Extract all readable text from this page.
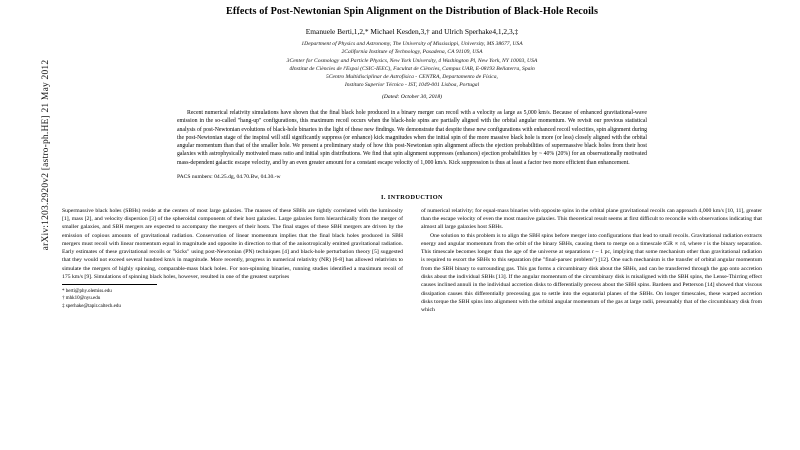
arXiv:1203.2920v2 [astro-ph.HE] 21 May 2012
Effects of Post-Newtonian Spin Alignment on the Distribution of Black-Hole Recoils
Emanuele Berti,1,2,* Michael Kesden,3,† and Ulrich Sperhake4,1,2,3,‡
1Department of Physics and Astronomy, The University of Mississippi, University, MS 38677, USA
2California Institute of Technology, Pasadena, CA 91109, USA
3Center for Cosmology and Particle Physics, New York University, 4 Washington Pl, New York, NY 10003, USA
4Institut de Ciències de l'Espai (CSIC-IEEC), Facultat de Ciències, Campus UAB, E-08193 Bellaterra, Spain
5Centro Multidisciplinar de Astrofísica - CENTRA, Departamento de Física,
Instituto Superior Técnico - IST, 1049-001 Lisboa, Portugal
(Dated: October 30, 2018)
Recent numerical relativity simulations have shown that the final black hole produced in a binary merger can recoil with a velocity as large as 5,000 km/s. Because of enhanced gravitational-wave emission in the so-called "hang-up" configurations, this maximum recoil occurs when the black-hole spins are partially aligned with the orbital angular momentum. We revisit our previous statistical analysis of post-Newtonian evolutions of black-hole binaries in the light of these new findings. We demonstrate that despite these new configurations with enhanced recoil velocities, spin alignment during the post-Newtonian stage of the inspiral will still significantly suppress (or enhance) kick magnitudes when the initial spin of the more massive black hole is more (or less) closely aligned with the orbital angular momentum than that of the smaller hole. We present a preliminary study of how this post-Newtonian spin alignment affects the ejection probabilities of supermassive black holes from their host galaxies with astrophysically motivated mass ratio and initial spin distributions. We find that spin alignment suppresses (enhances) ejection probabilities by ~ 40% (20%) for an observationally motivated mass-dependent galactic escape velocity, and by an even greater amount for a constant escape velocity of 1,000 km/s. Kick suppression is thus at least a factor two more efficient than enhancement.
PACS numbers: 04.25.dg, 04.70.Bw, 04.30.-w
I. INTRODUCTION

Supermassive black holes (SBHs) reside at the centers of most large galaxies. The masses of these SBHs are tightly correlated with the luminosity [1], mass [2], and velocity dispersion [3] of the spheroidal components of their host galaxies. Large galaxies form hierarchically from the merger of smaller galaxies, and SBH mergers are expected to accompany the mergers of their hosts. The final stages of these SBH mergers are driven by the emission of copious amounts of gravitational radiation. Conservation of linear momentum implies that the final black holes produced in SBH mergers must recoil with linear momentum equal in magnitude and opposite in direction to that of the anisotropically emitted gravitational radiation. Early estimates of these gravitational recoils or "kicks" using post-Newtonian (PN) techniques [4] and black-hole perturbation theory [5] suggested that they would not exceed several hundred km/s in magnitude. More recently, progress in numerical relativity (NR) [6-8] has allowed relativists to simulate the mergers of highly spinning, comparable-mass black holes. For non-spinning binaries, running studies identified a maximum recoil of 175 km/s [9]. Simulations of spinning black holes, however, resulted in one of the greatest surprises

* berti@phy.olemiss.edu
† mhk10@nyu.edu
‡ sperhake@tapir.caltech.edu

of numerical relativity; for equal-mass binaries with opposite spins in the orbital plane gravitational recoils can approach 4,000 km/s [10, 11], greater than the escape velocity of even the most massive galaxies. This theoretical result seems at first difficult to reconcile with observations indicating that almost all large galaxies host SBHs.

One solution to this problem is to align the SBH spins before merger into configurations that lead to small recoils. Gravitational radiation extracts energy and angular momentum from the orbit of the binary SBHs, causing them to merge on a timescale tGR ∝ r4, where r is the binary separation. This timescale becomes longer than the age of the universe at separations r ~ 1 pc, implying that some mechanism other than gravitational radiation is required to escort the SBHs to this separation (the "final-parsec problem") [12]. One such mechanism is the transfer of orbital angular momentum from the SBH binary to surrounding gas. This gas forms a circumbinary disk about the SBHs, and can be transferred through the gap onto accretion disks about the individual SBHs [13]. If the angular momentum of the circumbinary disk is misaligned with the SBH spins, the Lense-Thirring effect causes inclined annuli in the individual accretion disks to differentially precess about the SBH spins. Bardeen and Petterson [14] showed that viscous dissipation causes this differentially precessing gas to settle into the equatorial planes of the SBHs. On longer timescales, these warped accretion disks torque the SBH spins into alignment with the orbital angular momentum of the gas at large radii, presumably that of the circumbinary disk from which
